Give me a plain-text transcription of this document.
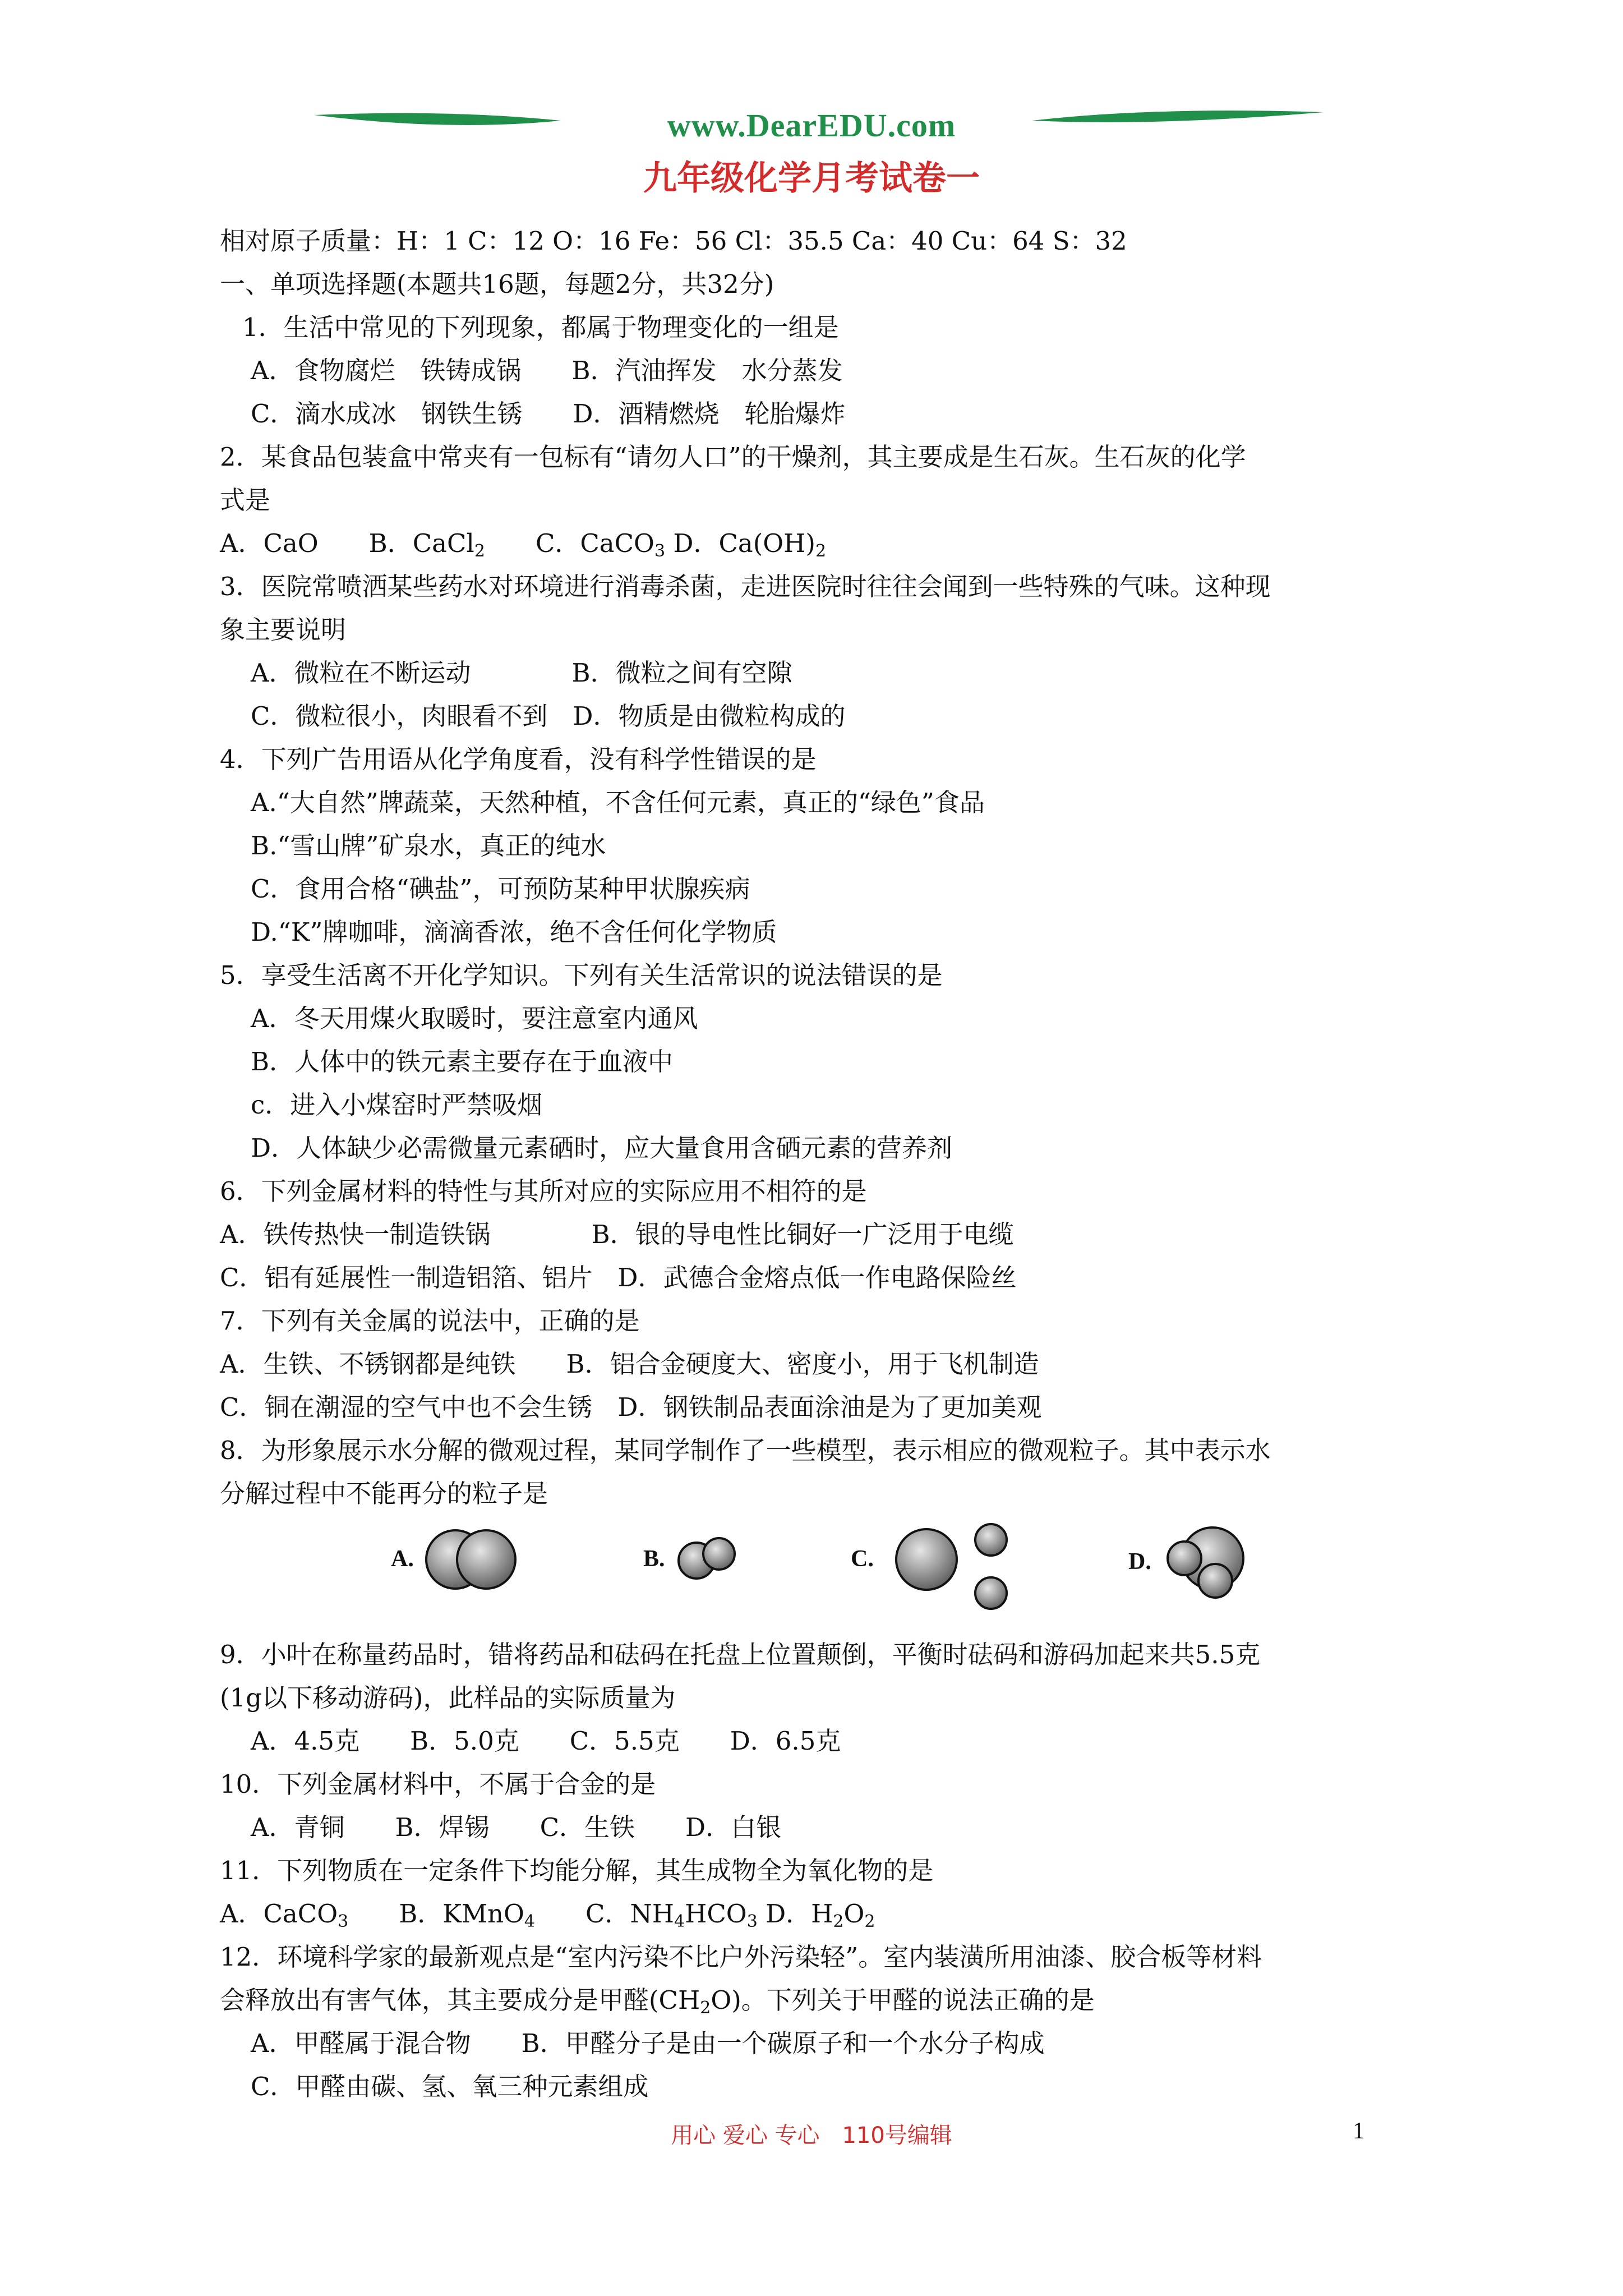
www.DearEDU.com
九年级化学月考试卷一
相对原子质量：H：1 C：12 O：16 Fe：56 Cl：35.5 Ca：40 Cu：64 S：32
一、单项选择题(本题共16题，每题2分，共32分)
1．生活中常见的下列现象，都属于物理变化的一组是
A．食物腐烂　铁铸成锅　　B．汽油挥发　水分蒸发
C．滴水成冰　钢铁生锈　　D．酒精燃烧　轮胎爆炸
2．某食品包装盒中常夹有一包标有“请勿人口”的干燥剂，其主要成是生石灰。生石灰的化学
式是
A．CaO　　 B．CaCl$_2$　　 C．CaCO$_3$ D．$Ca(OH)_2$
3．医院常喷洒某些药水对环境进行消毒杀菌，走进医院时往往会闻到一些特殊的气味。这种现
象主要说明
A．微粒在不断运动　　　　B．微粒之间有空隙
C．微粒很小，肉眼看不到　D．物质是由微粒构成的
4．下列广告用语从化学角度看，没有科学性错误的是
A.“大自然”牌蔬菜，天然种植，不含任何元素，真正的“绿色”食品
B.“雪山牌”矿泉水，真正的纯水
C．食用合格“碘盐”，可预防某种甲状腺疾病
D.“K”牌咖啡，滴滴香浓，绝不含任何化学物质
5．享受生活离不开化学知识。下列有关生活常识的说法错误的是
A．冬天用煤火取暖时，要注意室内通风
B．人体中的铁元素主要存在于血液中
c．进入小煤窑时严禁吸烟
D．人体缺少必需微量元素硒时，应大量食用含硒元素的营养剂
6．下列金属材料的特性与其所对应的实际应用不相符的是
A．铁传热快一制造铁锅　　　　B．银的导电性比铜好一广泛用于电缆
C．铝有延展性一制造铝箔、铝片　D．武德合金熔点低一作电路保险丝
7．下列有关金属的说法中，正确的是
A．生铁、不锈钢都是纯铁　　B．铝合金硬度大、密度小，用于飞机制造
C．铜在潮湿的空气中也不会生锈　D．钢铁制品表面涂油是为了更加美观
8．为形象展示水分解的微观过程，某同学制作了一些模型，表示相应的微观粒子。其中表示水
分解过程中不能再分的粒子是
9．小叶在称量药品时，错将药品和砝码在托盘上位置颠倒，平衡时砝码和游码加起来共5.5克
(1g以下移动游码)，此样品的实际质量为
A．4.5克　　B．5.0克　　C．5.5克　　D．6.5克
10．下列金属材料中，不属于合金的是
A．青铜　　B．焊锡　　C．生铁　　D．白银
11．下列物质在一定条件下均能分解，其生成物全为氧化物的是
A．CaCO$_3$　　 B．KMnO$_4$　　 C．$NH_4HCO_3$ D．$H_2O_2$
12．环境科学家的最新观点是“室内污染不比户外污染轻”。室内装潢所用油漆、胶合板等材料
会释放出有害气体，其主要成分是甲醛$(CH_2O)$。下列关于甲醛的说法正确的是
A．甲醛属于混合物　　B．甲醛分子是由一个碳原子和一个水分子构成
C．甲醛由碳、氢、氧三种元素组成
A.	B.	C.	D.
用心 爱心 专心　110号编辑	1
